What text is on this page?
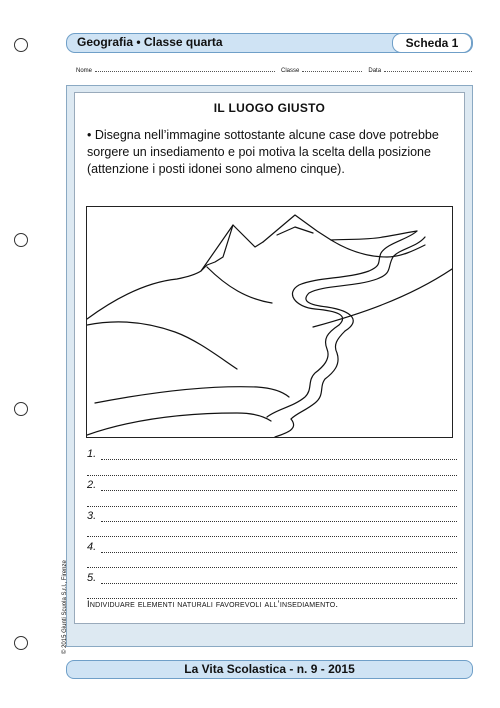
Geografia • Classe quarta	Scheda 1
Nome	Classe	Data
IL LUOGO GIUSTO
• Disegna nell’immagine sottostante alcune case dove potrebbe sorgere un insediamento e poi motiva la scelta della posizione (attenzione i posti idonei sono almeno cinque).
1.
2.
3.
4.
5.
Individuare elementi naturali favorevoli all’insediamento.
© 2015 Giunti Scuola S.r.l., Firenze
La Vita Scolastica - n. 9 - 2015
